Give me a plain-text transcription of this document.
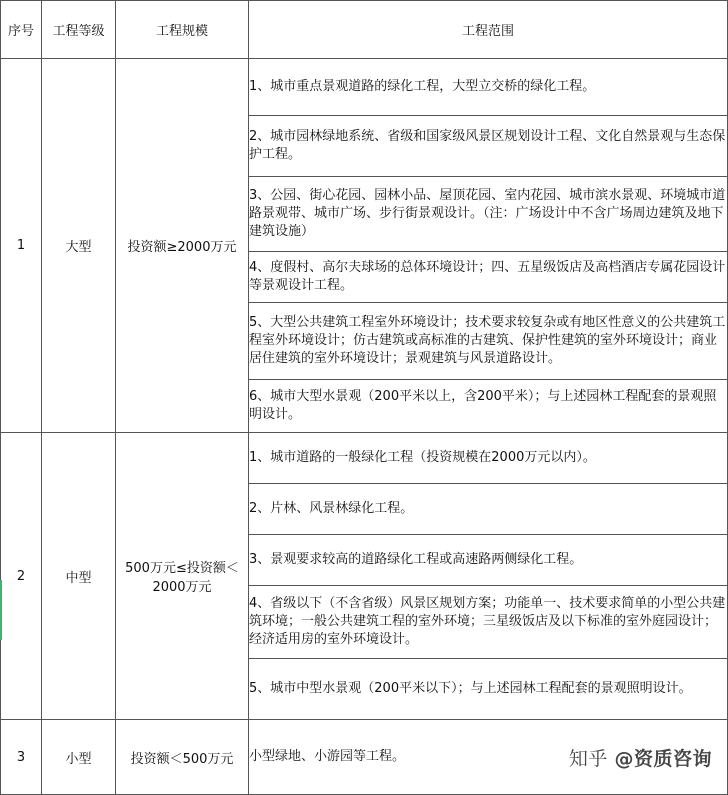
序号	工程等级	工程规模	工程范围
1	大型	投资额≥2000万元	1、城市重点景观道路的绿化工程，大型立交桥的绿化工程。
			2、城市园林绿地系统、省级和国家级风景区规划设计工程、文化自然景观与生态保护工程。
			3、公园、街心花园、园林小品、屋顶花园、室内花园、城市滨水景观、环境城市道路景观带、城市广场、步行街景观设计。（注：广场设计中不含广场周边建筑及地下建筑设施）
			4、度假村、高尔夫球场的总体环境设计；四、五星级饭店及高档酒店专属花园设计等景观设计工程。
			5、大型公共建筑工程室外环境设计；技术要求较复杂或有地区性意义的公共建筑工程室外环境设计；仿古建筑或高标准的古建筑、保护性建筑的室外环境设计；商业居住建筑的室外环境设计；景观建筑与风景道路设计。
			6、城市大型水景观（200平米以上，含200平米）；与上述园林工程配套的景观照明设计。
2	中型	500万元≤投资额＜2000万元	1、城市道路的一般绿化工程（投资规模在2000万元以内）。
			2、片林、风景林绿化工程。
			3、景观要求较高的道路绿化工程或高速路两侧绿化工程。
			4、省级以下（不含省级）风景区规划方案；功能单一、技术要求简单的小型公共建筑环境；一般公共建筑工程的室外环境；三星级饭店及以下标准的室外庭园设计；经济适用房的室外环境设计。
			5、城市中型水景观（200平米以下）；与上述园林工程配套的景观照明设计。
3	小型	投资额＜500万元	小型绿地、小游园等工程。	知乎 @资质咨询
